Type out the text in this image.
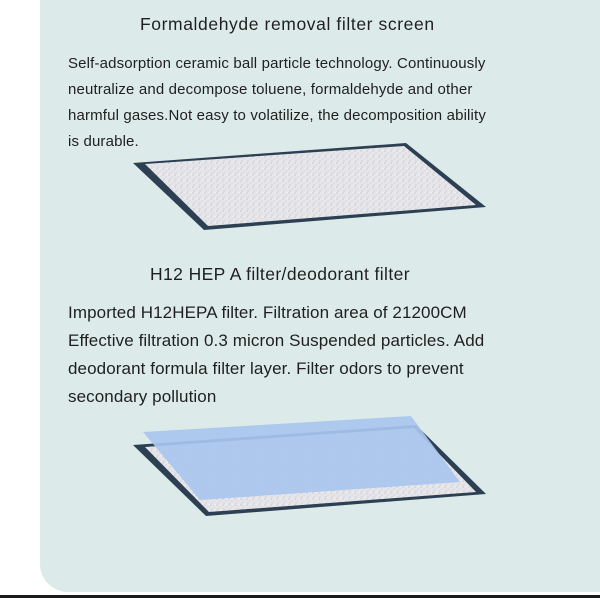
Formaldehyde removal filter screen
Self-adsorption ceramic ball particle technology. Continuously
neutralize and decompose toluene, formaldehyde and other
harmful gases.Not easy to volatilize, the decomposition ability
is durable.
H12 HEP A filter/deodorant filter
Imported H12HEPA filter. Filtration area of 21200CM
Effective filtration 0.3 micron Suspended particles. Add
deodorant formula filter layer. Filter odors to prevent
secondary pollution
